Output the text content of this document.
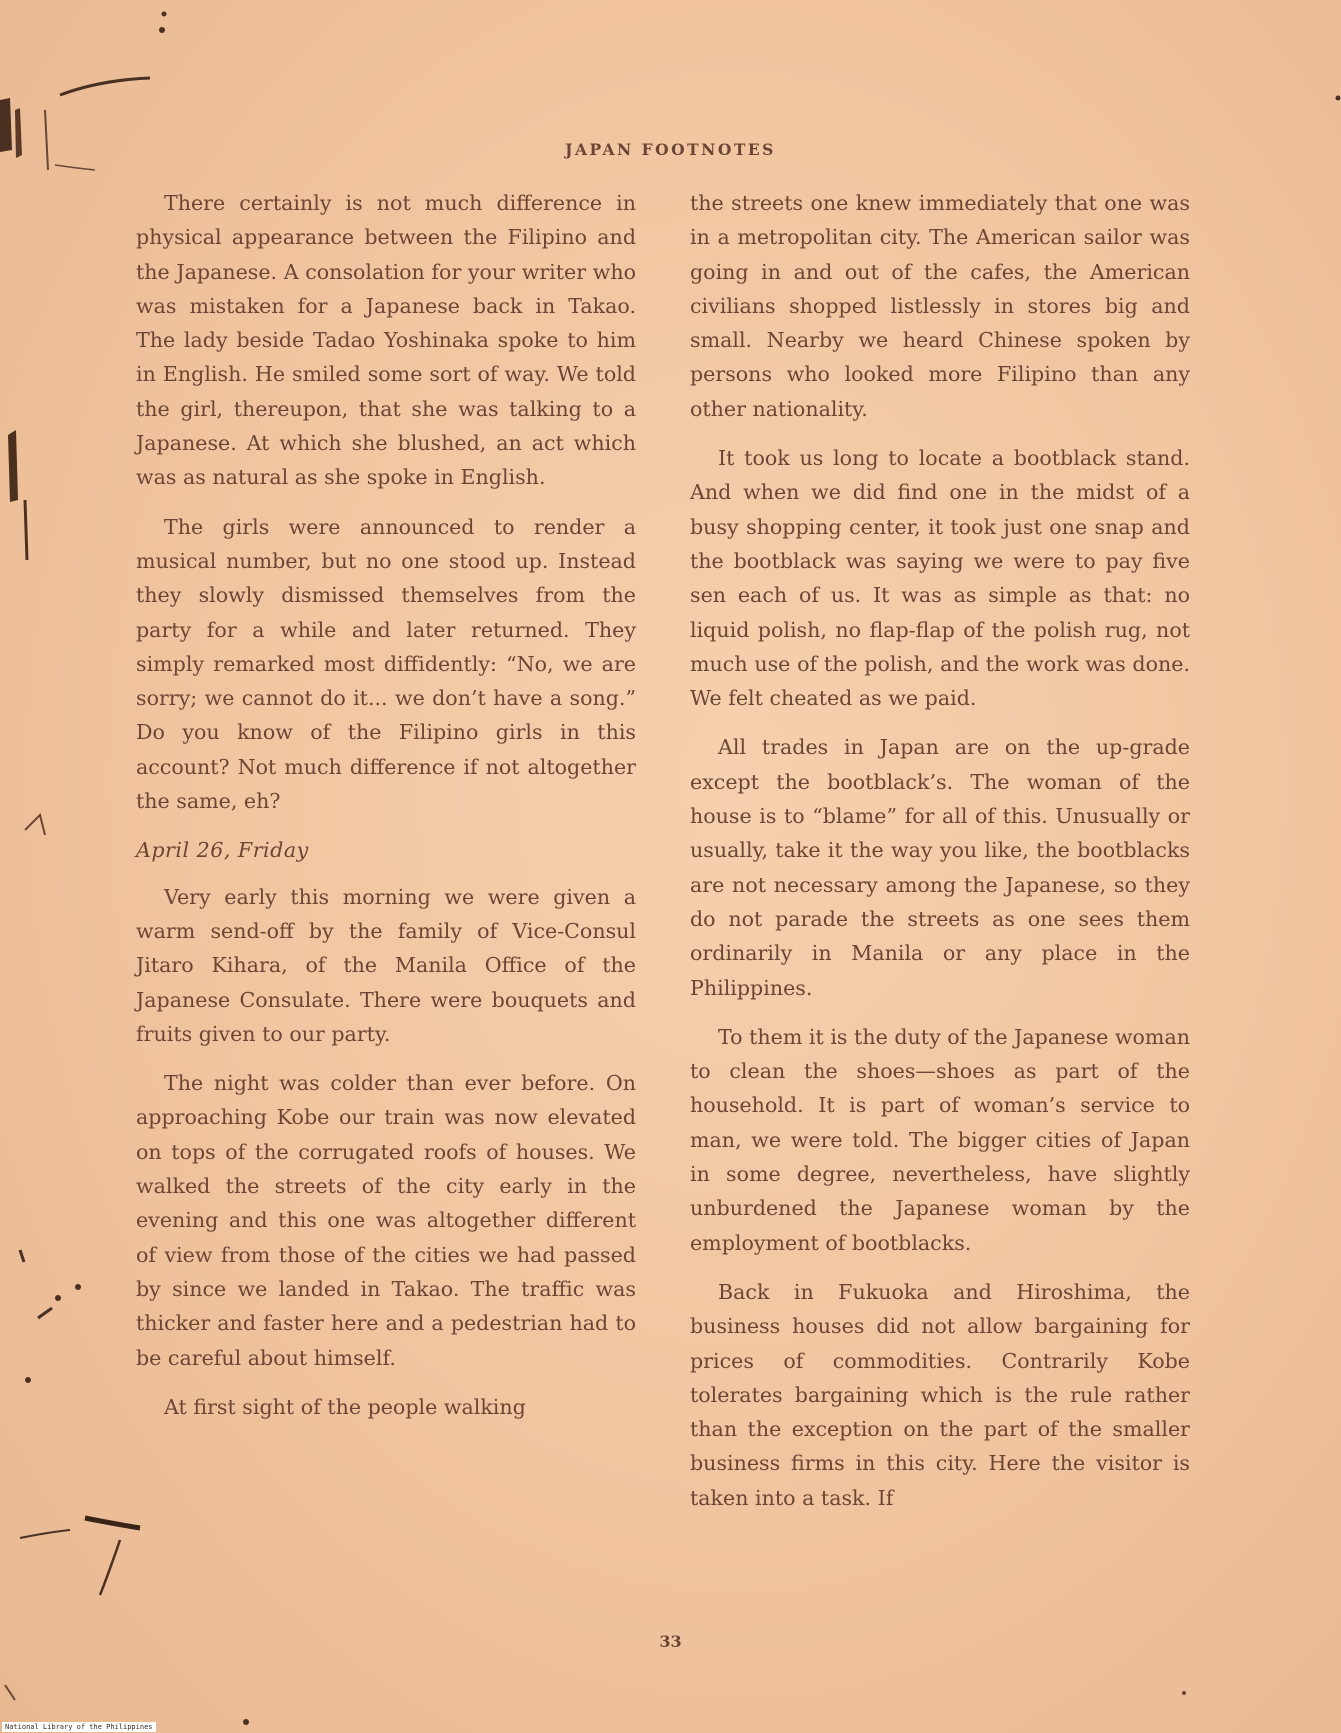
JAPAN FOOTNOTES

There certainly is not much difference in physical appearance between the Filipino and the Japanese. A consolation for your writer who was mistaken for a Japanese back in Takao. The lady beside Tadao Yoshinaka spoke to him in English. He smiled some sort of way. We told the girl, thereupon, that she was talking to a Japanese. At which she blushed, an act which was as natural as she spoke in English.

The girls were announced to render a musical number, but no one stood up. Instead they slowly dismissed themselves from the party for a while and later returned. They simply remarked most diffidently: “No, we are sorry; we cannot do it... we don’t have a song.” Do you know of the Filipino girls in this account? Not much difference if not altogether the same, eh?

April 26, Friday

Very early this morning we were given a warm send-off by the family of Vice-Consul Jitaro Kihara, of the Manila Office of the Japanese Consulate. There were bouquets and fruits given to our party.

The night was colder than ever before. On approaching Kobe our train was now elevated on tops of the corrugated roofs of houses. We walked the streets of the city early in the evening and this one was altogether different of view from those of the cities we had passed by since we landed in Takao. The traffic was thicker and faster here and a pedestrian had to be careful about himself.

At first sight of the people walking

the streets one knew immediately that one was in a metropolitan city. The American sailor was going in and out of the cafes, the American civilians shopped listlessly in stores big and small. Nearby we heard Chinese spoken by persons who looked more Filipino than any other nationality.

It took us long to locate a bootblack stand. And when we did find one in the midst of a busy shopping center, it took just one snap and the bootblack was saying we were to pay five sen each of us. It was as simple as that: no liquid polish, no flap-flap of the polish rug, not much use of the polish, and the work was done. We felt cheated as we paid.

All trades in Japan are on the up-grade except the bootblack’s. The woman of the house is to “blame” for all of this. Unusually or usually, take it the way you like, the bootblacks are not necessary among the Japanese, so they do not parade the streets as one sees them ordinarily in Manila or any place in the Philippines.

To them it is the duty of the Japanese woman to clean the shoes—shoes as part of the household. It is part of woman’s service to man, we were told. The bigger cities of Japan in some degree, nevertheless, have slightly unburdened the Japanese woman by the employment of bootblacks.

Back in Fukuoka and Hiroshima, the business houses did not allow bargaining for prices of commodities. Contrarily Kobe tolerates bargaining which is the rule rather than the exception on the part of the smaller business firms in this city. Here the visitor is taken into a task. If

33
National Library of the Philippines
